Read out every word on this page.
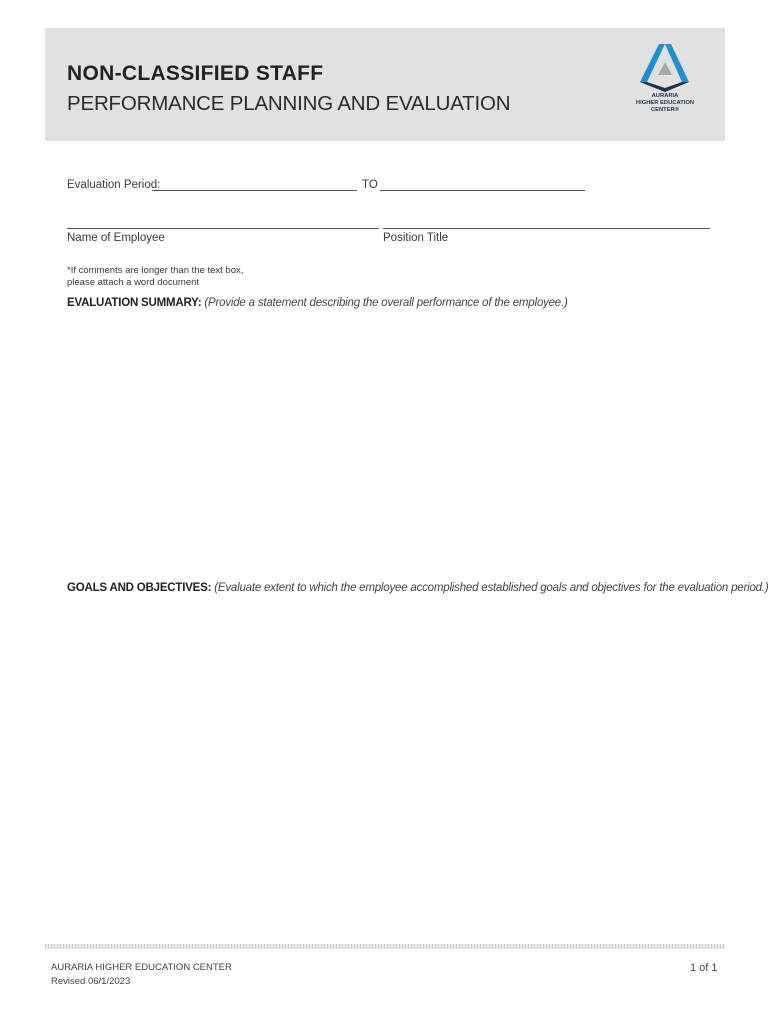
NON-CLASSIFIED STAFF
PERFORMANCE PLANNING AND EVALUATION	AURARIA
HIGHER EDUCATION
CENTER®
Evaluation Period:	TO
Name of Employee	Position Title
*If comments are longer than the text box,
please attach a word document
EVALUATION SUMMARY: (Provide a statement describing the overall performance of the employee.)
GOALS AND OBJECTIVES: (Evaluate extent to which the employee accomplished established goals and objectives for the evaluation period.)
AURARIA HIGHER EDUCATION CENTER
Revised 06/1/2023
1 of 1
